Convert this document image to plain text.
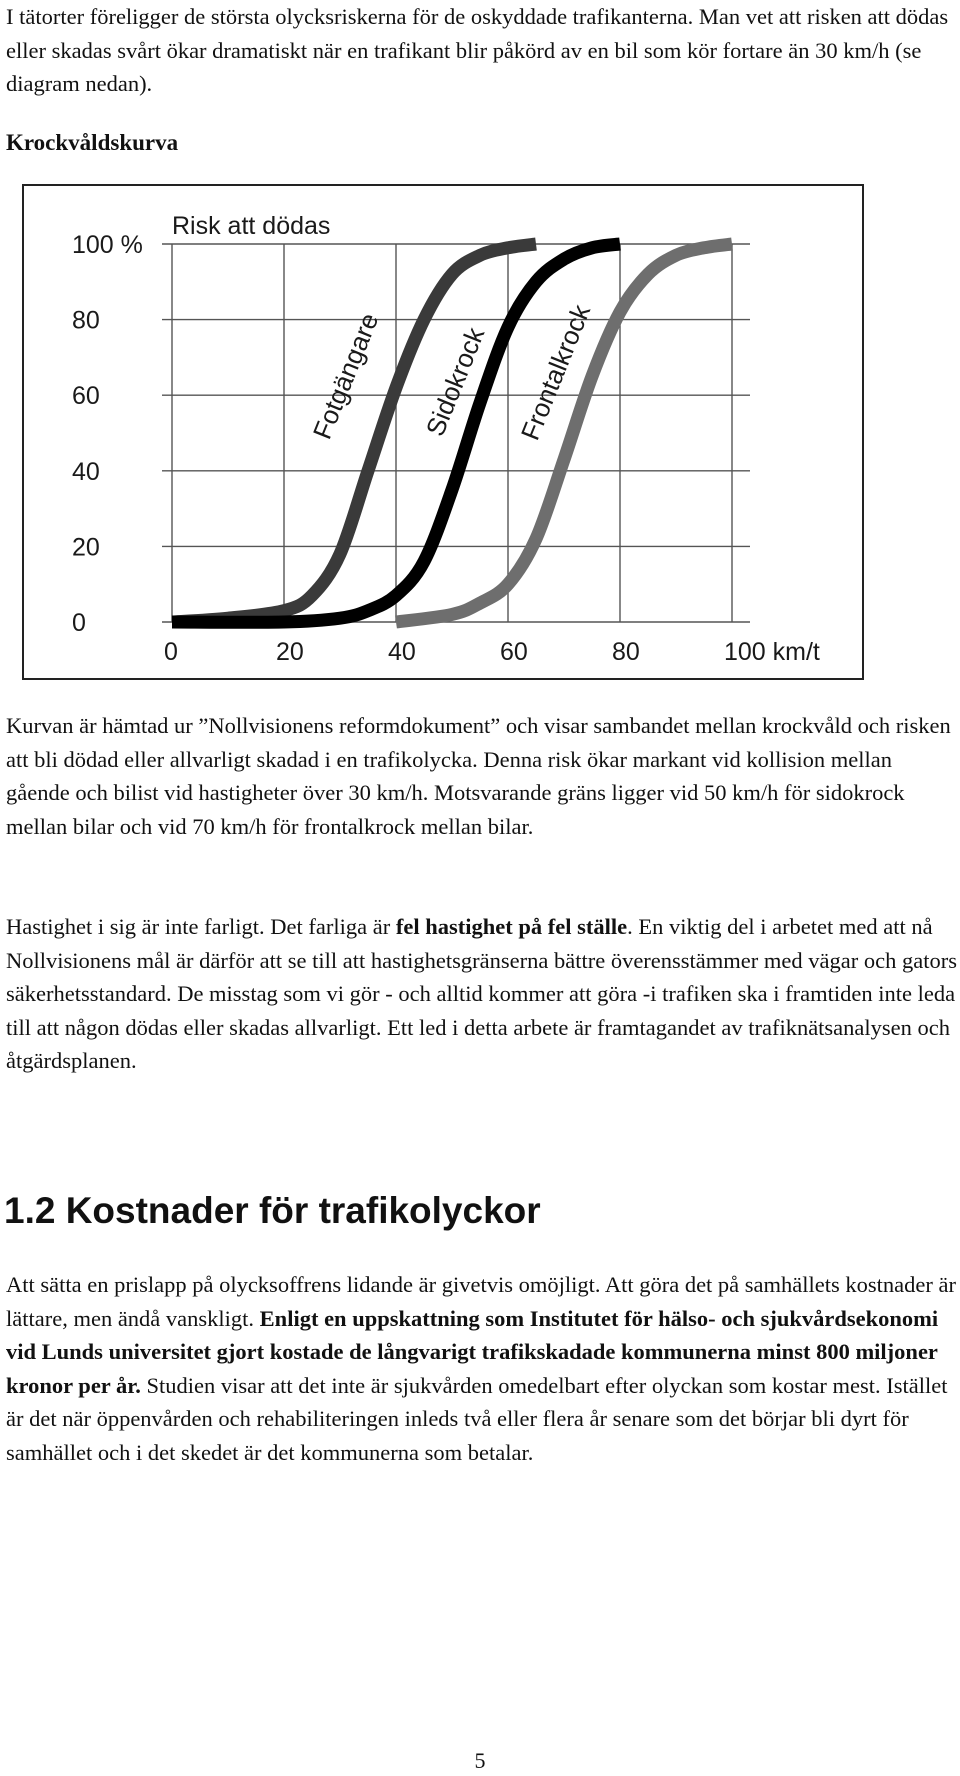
I tätorter föreligger de största olycksriskerna för de oskyddade trafikanterna. Man vet att risken att dödas eller skadas svårt ökar dramatiskt när en trafikant blir påkörd av en bil som kör fortare än 30 km/h (se diagram nedan).

Krockvåldskurva

0	20	40	60	80	100 km/t
0
20
40
60
80
100 %
Risk att dödas
Fotgängare Sidokrock Frontalkrock

Kurvan är hämtad ur ”Nollvisionens reformdokument” och visar sambandet mellan krockvåld och risken att bli dödad eller allvarligt skadad i en trafikolycka. Denna risk ökar markant vid kollision mellan gående och bilist vid hastigheter över 30 km/h. Motsvarande gräns ligger vid 50 km/h för sidokrock mellan bilar och vid 70 km/h för frontalkrock mellan bilar.

Hastighet i sig är inte farligt. Det farliga är fel hastighet på fel ställe. En viktig del i arbetet med att nå Nollvisionens mål är därför att se till att hastighetsgränserna bättre överensstämmer med vägar och gators säkerhetsstandard. De misstag som vi gör - och alltid kommer att göra -i trafiken ska i framtiden inte leda till att någon dödas eller skadas allvarligt. Ett led i detta arbete är framtagandet av trafiknätsanalysen och åtgärdsplanen.

1.2 Kostnader för trafikolyckor

Att sätta en prislapp på olycksoffrens lidande är givetvis omöjligt. Att göra det på samhällets kostnader är lättare, men ändå vanskligt. Enligt en uppskattning som Institutet för hälso- och sjukvårdsekonomi vid Lunds universitet gjort kostade de långvarigt trafikskadade kommunerna minst 800 miljoner kronor per år. Studien visar att det inte är sjukvården omedelbart efter olyckan som kostar mest. Istället är det när öppenvården och rehabiliteringen inleds två eller flera år senare som det börjar bli dyrt för samhället och i det skedet är det kommunerna som betalar.

5
